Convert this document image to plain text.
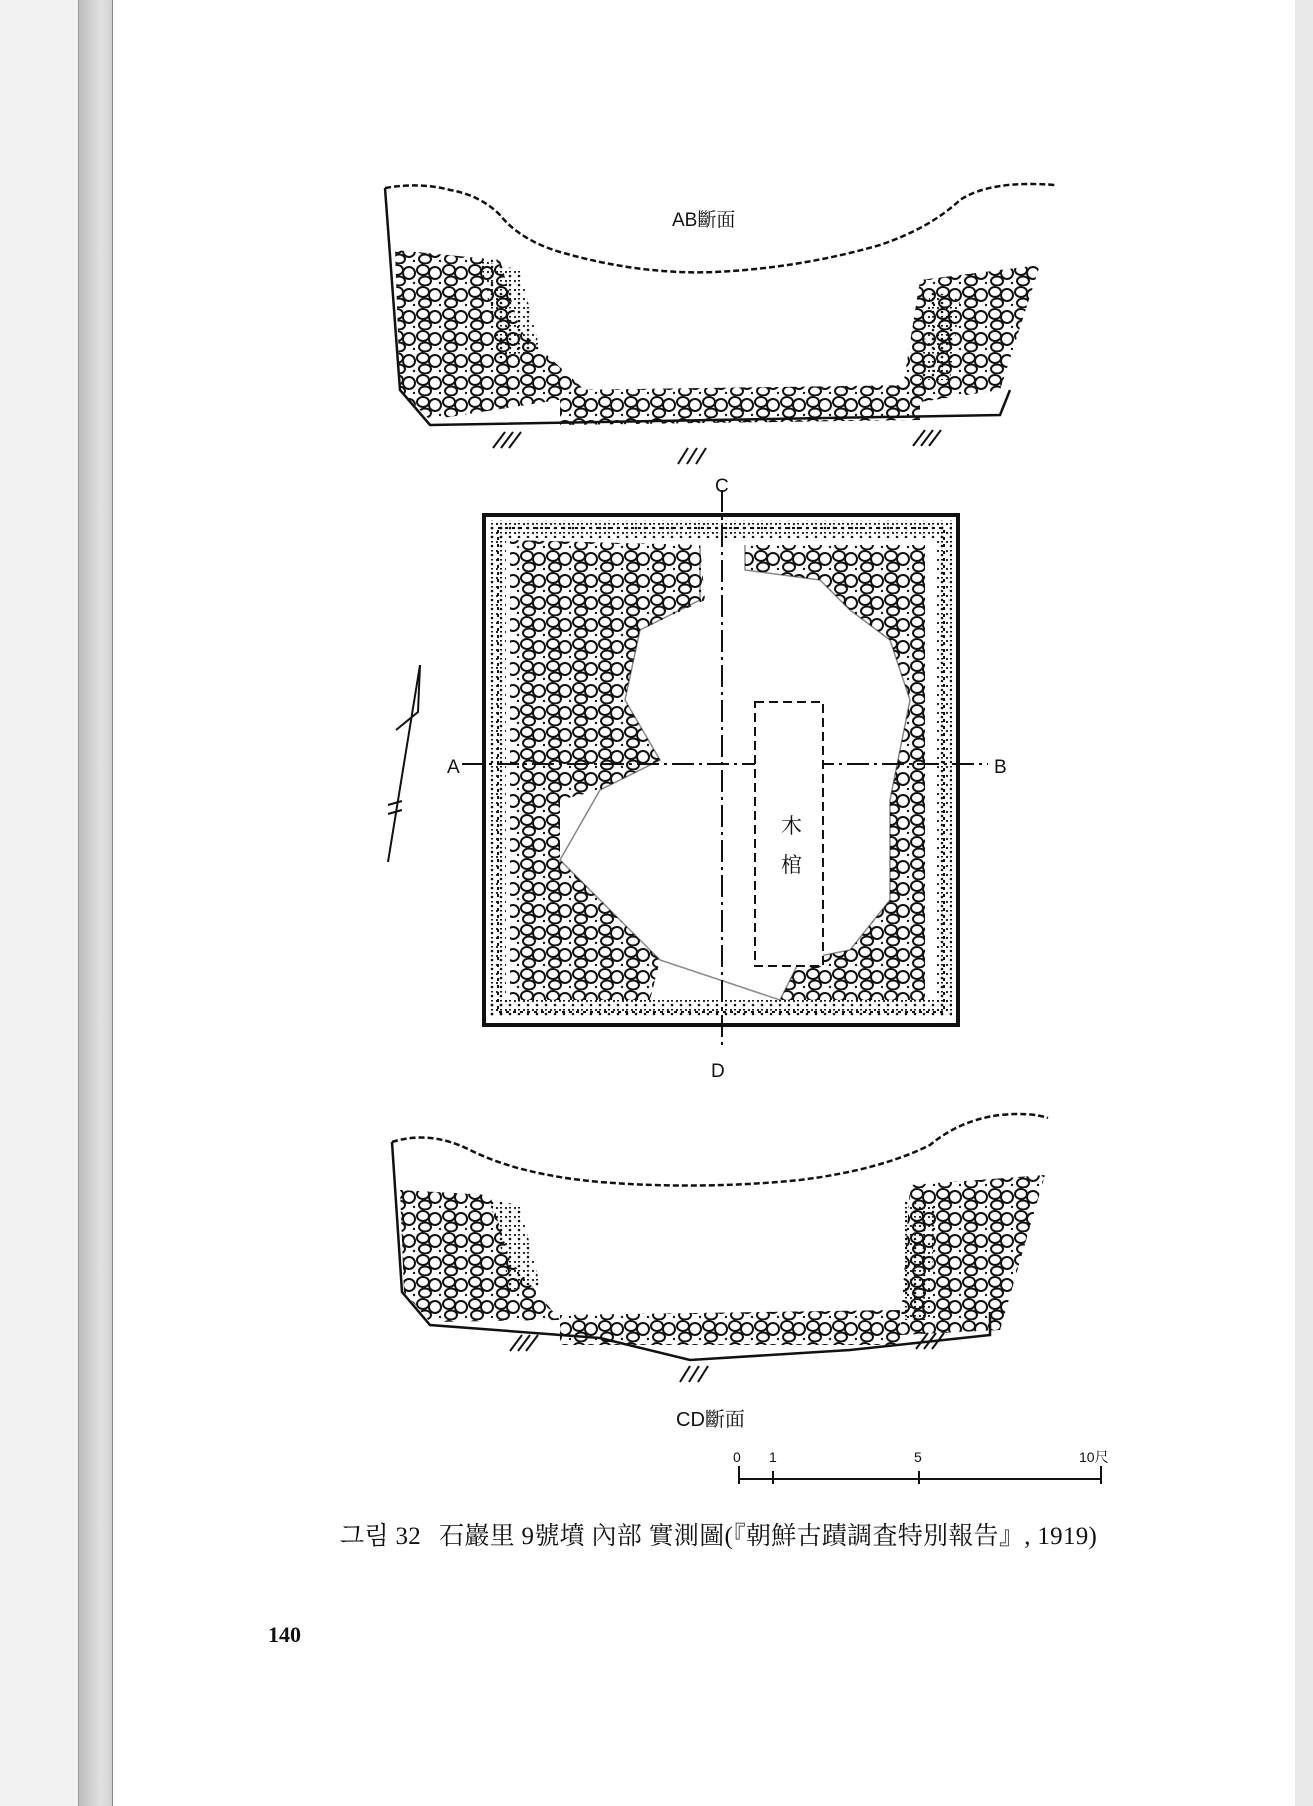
AB斷面
C
A	B
D
木
棺
CD斷面
0 1	5	10尺
그림 32 石巖里 9號墳 內部 實測圖(『朝鮮古蹟調査特別報告』, 1919)
140
